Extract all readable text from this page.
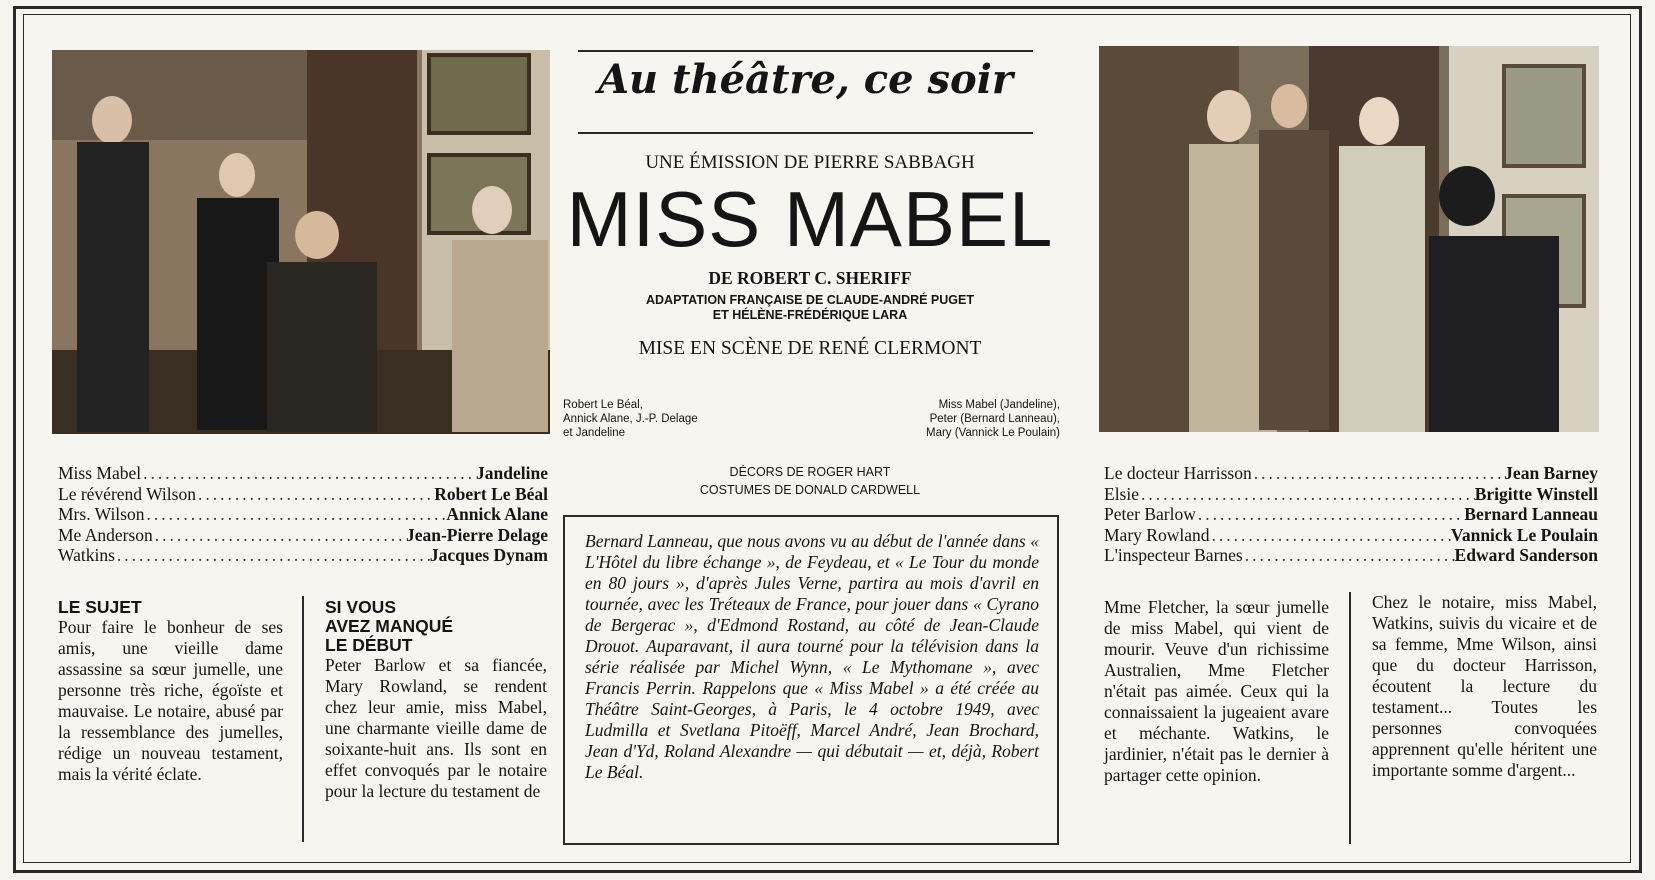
Au théâtre, ce soir
UNE ÉMISSION DE PIERRE SABBAGH
MISS MABEL
DE ROBERT C. SHERIFF
ADAPTATION FRANÇAISE DE CLAUDE-ANDRÉ PUGET
ET HÉLÈNE-FRÉDÉRIQUE LARA
MISE EN SCÈNE DE RENÉ CLERMONT
Robert Le Béal,
Annick Alane, J.-P. Delage
et Jandeline
Miss Mabel (Jandeline),
Peter (Bernard Lanneau),
Mary (Vannick Le Poulain)
DÉCORS DE ROGER HART
COSTUMES DE DONALD CARDWELL
Miss Mabel .....	Jandeline
Le révérend Wilson .....	Robert Le Béal
Mrs. Wilson .....	Annick Alane
Me Anderson .....	Jean-Pierre Delage
Watkins .....	Jacques Dynam
Le docteur Harrisson .....	Jean Barney
Elsie .....	Brigitte Winstell
Peter Barlow .....	Bernard Lanneau
Mary Rowland .....	Vannick Le Poulain
L'inspecteur Barnes .....	Edward Sanderson
LE SUJET
Pour faire le bonheur de ses amis, une vieille dame assassine sa sœur jumelle, une personne très riche, égoïste et mauvaise. Le notaire, abusé par la ressemblance des jumelles, rédige un nouveau testament, mais la vérité éclate.
SI VOUS
AVEZ MANQUÉ
LE DÉBUT
Peter Barlow et sa fiancée, Mary Rowland, se rendent chez leur amie, miss Mabel, une charmante vieille dame de soixante-huit ans. Ils sont en effet convoqués par le notaire pour la lecture du testament de

Bernard Lanneau, que nous avons vu au début de l'année dans « L'Hôtel du libre échange », de Feydeau, et « Le Tour du monde en 80 jours », d'après Jules Verne, partira au mois d'avril en tournée, avec les Tréteaux de France, pour jouer dans « Cyrano de Bergerac », d'Edmond Rostand, au côté de Jean-Claude Drouot. Auparavant, il aura tourné pour la télévision dans la série réalisée par Michel Wynn, « Le Mythomane », avec Francis Perrin. Rappelons que « Miss Mabel » a été créée au Théâtre Saint-Georges, à Paris, le 4 octobre 1949, avec Ludmilla et Svetlana Pitoëff, Marcel André, Jean Brochard, Jean d'Yd, Roland Alexandre — qui débutait — et, déjà, Robert Le Béal.

Mme Fletcher, la sœur jumelle de miss Mabel, qui vient de mourir. Veuve d'un richissime Australien, Mme Fletcher n'était pas aimée. Ceux qui la connaissaient la jugeaient avare et méchante. Watkins, le jardinier, n'était pas le dernier à partager cette opinion.
Chez le notaire, miss Mabel, Watkins, suivis du vicaire et de sa femme, Mme Wilson, ainsi que du docteur Harrisson, écoutent la lecture du testament... Toutes les personnes convoquées apprennent qu'elle héritent une importante somme d'argent...
